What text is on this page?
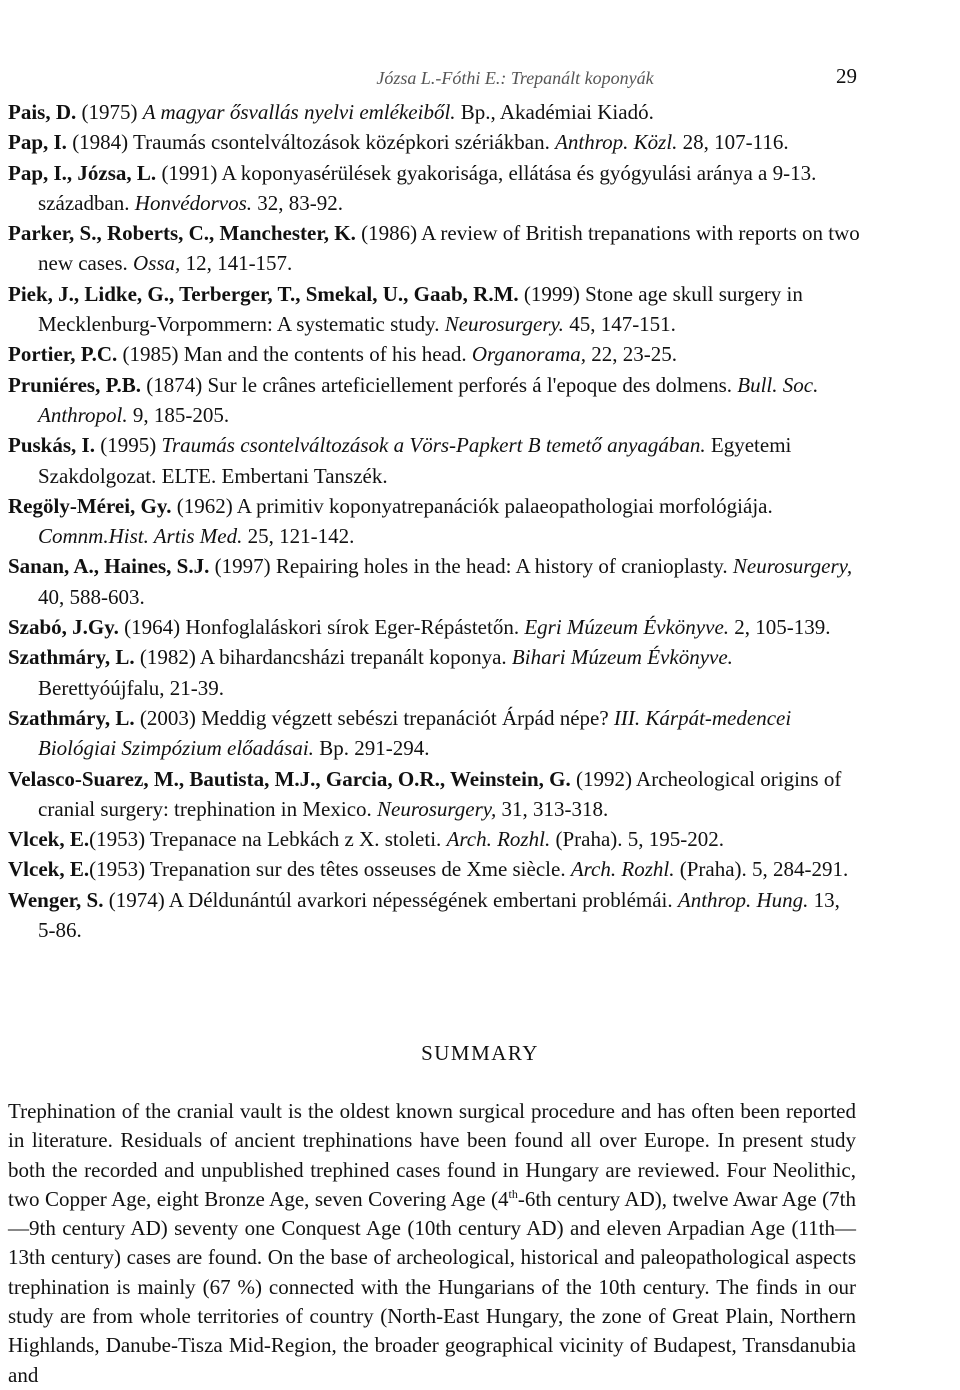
Józsa L.-Fóthi E.: Trepanált koponyák	29
Pais, D. (1975) A magyar ősvallás nyelvi emlékeiből. Bp., Akadémiai Kiadó.
Pap, I. (1984) Traumás csontelváltozások középkori szériákban. Anthrop. Közl. 28, 107-116.
Pap, I., Józsa, L. (1991) A koponyasérülések gyakorisága, ellátása és gyógyulási aránya a 9-13. században. Honvédorvos. 32, 83-92.
Parker, S., Roberts, C., Manchester, K. (1986) A review of British trepanations with reports on two new cases. Ossa, 12, 141-157.
Piek, J., Lidke, G., Terberger, T., Smekal, U., Gaab, R.M. (1999) Stone age skull surgery in Mecklenburg-Vorpommern: A systematic study. Neurosurgery. 45, 147-151.
Portier, P.C. (1985) Man and the contents of his head. Organorama, 22, 23-25.
Pruniéres, P.B. (1874) Sur le crânes arteficiellement perforés á l'epoque des dolmens. Bull. Soc. Anthropol. 9, 185-205.
Puskás, I. (1995) Traumás csontelváltozások a Vörs-Papkert B temető anyagában. Egyetemi Szakdolgozat. ELTE. Embertani Tanszék.
Regöly-Mérei, Gy. (1962) A primitiv koponyatrepanációk palaeopathologiai morfológiája. Comnm.Hist. Artis Med. 25, 121-142.
Sanan, A., Haines, S.J. (1997) Repairing holes in the head: A history of cranioplasty. Neurosurgery, 40, 588-603.
Szabó, J.Gy. (1964) Honfoglaláskori sírok Eger-Répástetőn. Egri Múzeum Évkönyve. 2, 105-139.
Szathmáry, L. (1982) A bihardancsházi trepanált koponya. Bihari Múzeum Évkönyve. Berettyóújfalu, 21-39.
Szathmáry, L. (2003) Meddig végzett sebészi trepanációt Árpád népe? III. Kárpát-medencei Biológiai Szimpózium előadásai. Bp. 291-294.
Velasco-Suarez, M., Bautista, M.J., Garcia, O.R., Weinstein, G. (1992) Archeological origins of cranial surgery: trephination in Mexico. Neurosurgery, 31, 313-318.
Vlcek, E.(1953) Trepanace na Lebkách z X. stoleti. Arch. Rozhl. (Praha). 5, 195-202.
Vlcek, E.(1953) Trepanation sur des têtes osseuses de Xme siècle. Arch. Rozhl. (Praha). 5, 284-291.
Wenger, S. (1974) A Déldunántúl avarkori népességének embertani problémái. Anthrop. Hung. 13, 5-86.
SUMMARY
Trephination of the cranial vault is the oldest known surgical procedure and has often been reported in literature. Residuals of ancient trephinations have been found all over Europe. In present study both the recorded and unpublished trephined cases found in Hungary are reviewed. Four Neolithic, two Copper Age, eight Bronze Age, seven Covering Age (4th-6th century AD), twelve Awar Age (7th—9th century AD) seventy one Conquest Age (10th century AD) and eleven Arpadian Age (11th—13th century) cases are found. On the base of archeological, historical and paleopathological aspects trephination is mainly (67 %) connected with the Hungarians of the 10th century. The finds in our study are from whole territories of country (North-East Hungary, the zone of Great Plain, Northern Highlands, Danube-Tisza Mid-Region, the broader geographical vicinity of Budapest, Transdanubia and
